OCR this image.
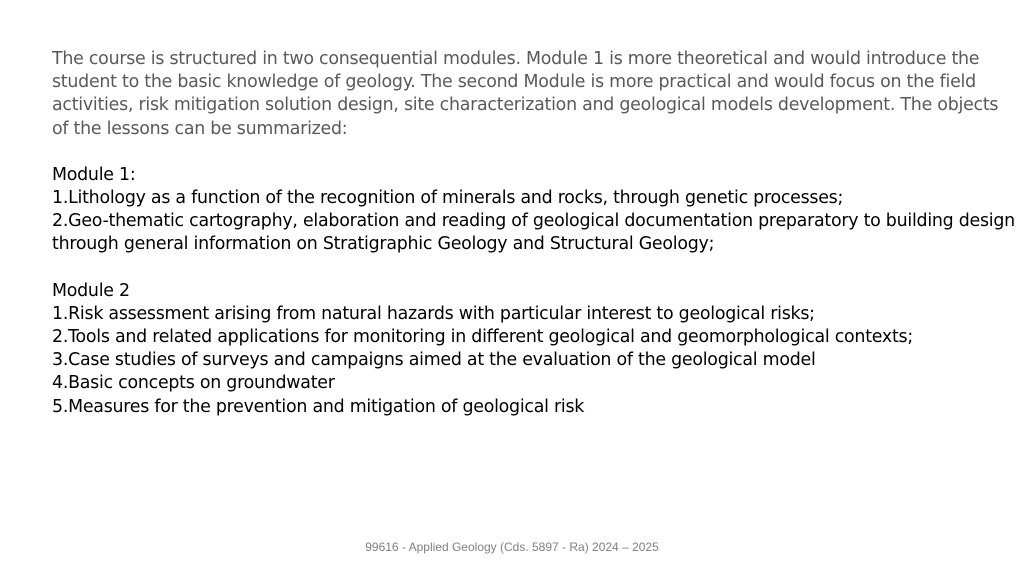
The course is structured in two consequential modules. Module 1 is more theoretical and would introduce the student to the basic knowledge of geology. The second Module is more practical and would focus on the field activities, risk mitigation solution design, site characterization and geological models development. The objects of the lessons can be summarized:

Module 1:
1.Lithology as a function of the recognition of minerals and rocks, through genetic processes;
2.Geo-thematic cartography, elaboration and reading of geological documentation preparatory to building design through general information on Stratigraphic Geology and Structural Geology;
Module 2
1.Risk assessment arising from natural hazards with particular interest to geological risks;
2.Tools and related applications for monitoring in different geological and geomorphological contexts;
3.Case studies of surveys and campaigns aimed at the evaluation of the geological model
4.Basic concepts on groundwater
5.Measures for the prevention and mitigation of geological risk
99616 - Applied Geology (Cds. 5897 - Ra) 2024 – 2025
